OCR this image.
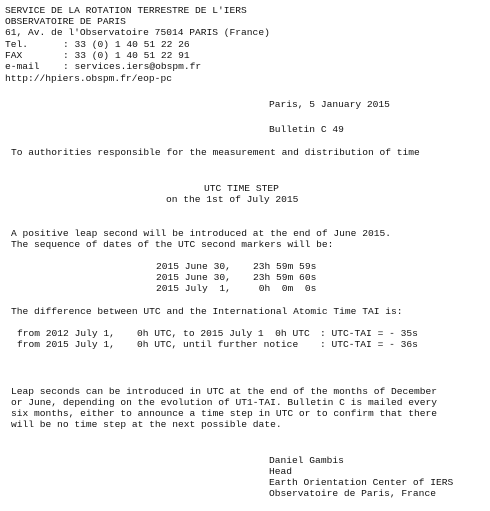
SERVICE DE LA ROTATION TERRESTRE DE L'IERS
OBSERVATOIRE DE PARIS
61, Av. de l'Observatoire 75014 PARIS (France)
Tel.	: 33 (0) 1 40 51 22 26
FAX	: 33 (0) 1 40 51 22 91
e-mail : services.iers@obspm.fr
http://hpiers.obspm.fr/eop-pc
Paris, 5 January 2015
Bulletin C 49
To authorities responsible for the measurement and distribution of time
UTC TIME STEP
on the 1st of July 2015
A positive leap second will be introduced at the end of June 2015.
The sequence of dates of the UTC second markers will be:
2015 June 30, 23h 59m 59s
2015 June 30, 23h 59m 60s
2015 July  1, 0h  0m  0s
The difference between UTC and the International Atomic Time TAI is:
from 2012 July 1, 0h UTC, to 2015 July 1  0h UTC : UTC-TAI = - 35s
from 2015 July 1, 0h UTC, until further notice : UTC-TAI = - 36s
Leap seconds can be introduced in UTC at the end of the months of December
or June, depending on the evolution of UT1-TAI. Bulletin C is mailed every
six months, either to announce a time step in UTC or to confirm that there
will be no time step at the next possible date.
Daniel Gambis
Head
Earth Orientation Center of IERS
Observatoire de Paris, France
